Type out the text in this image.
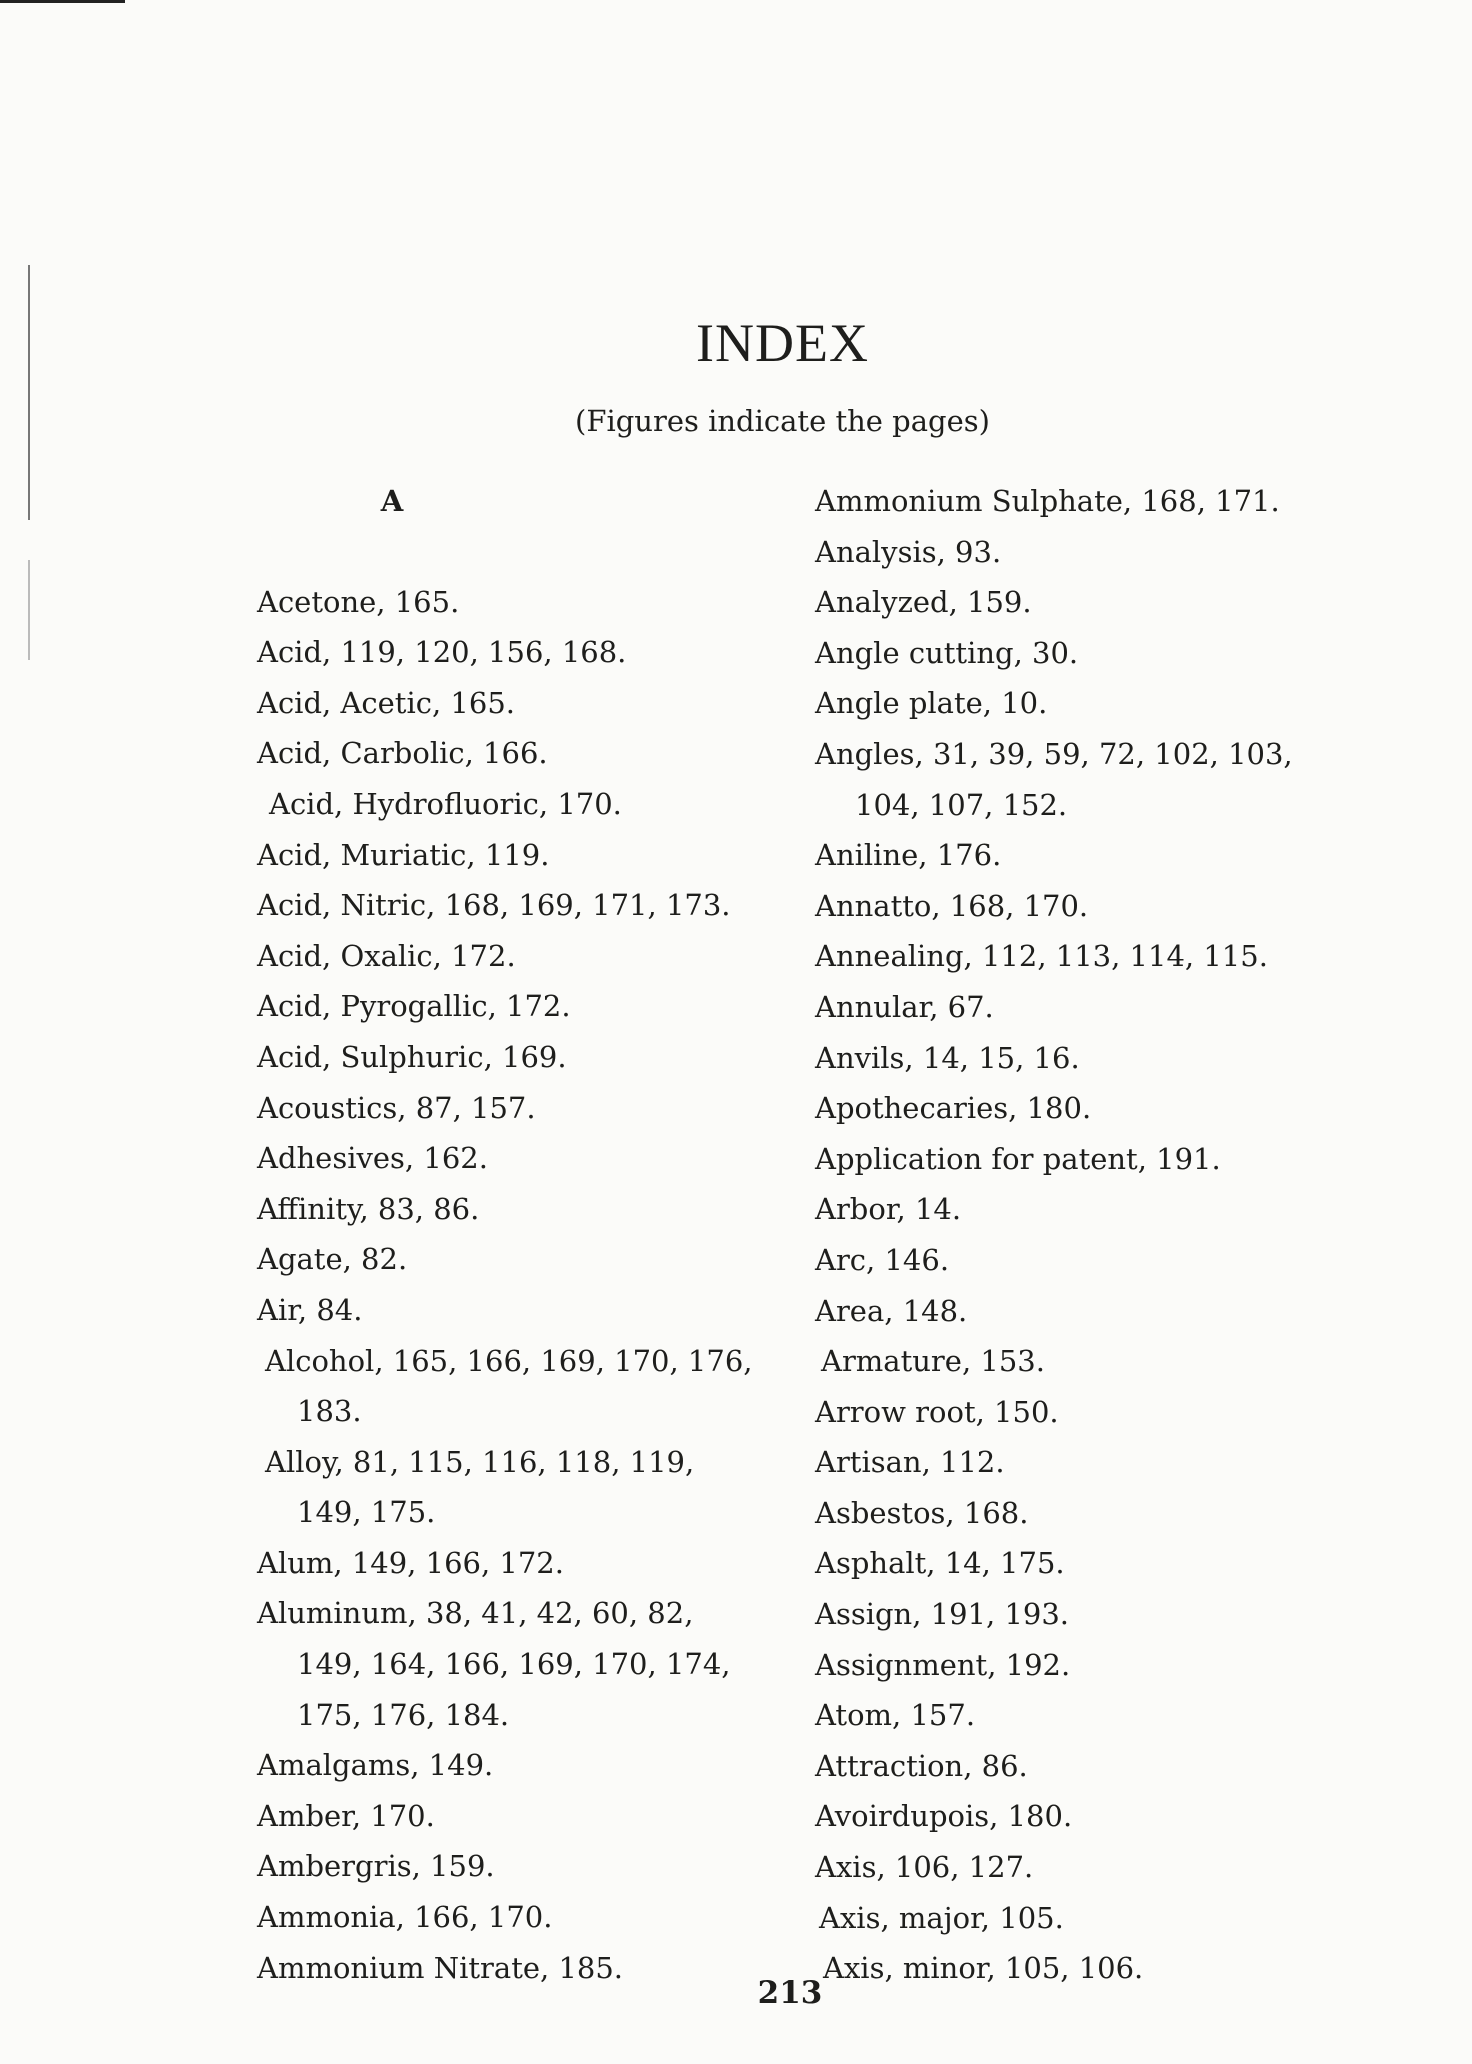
INDEX

(Figures indicate the pages)

A
Acetone, 165.
Acid, 119, 120, 156, 168.
Acid, Acetic, 165.
Acid, Carbolic, 166.
Acid, Hydrofluoric, 170.
Acid, Muriatic, 119.
Acid, Nitric, 168, 169, 171, 173.
Acid, Oxalic, 172.
Acid, Pyrogallic, 172.
Acid, Sulphuric, 169.
Acoustics, 87, 157.
Adhesives, 162.
Affinity, 83, 86.
Agate, 82.
Air, 84.
Alcohol, 165, 166, 169, 170, 176,
183.
Alloy, 81, 115, 116, 118, 119,
149, 175.
Alum, 149, 166, 172.
Aluminum, 38, 41, 42, 60, 82,
149, 164, 166, 169, 170, 174,
175, 176, 184.
Amalgams, 149.
Amber, 170.
Ambergris, 159.
Ammonia, 166, 170.
Ammonium Nitrate, 185.
Ammonium Sulphate, 168, 171.
Analysis, 93.
Analyzed, 159.
Angle cutting, 30.
Angle plate, 10.
Angles, 31, 39, 59, 72, 102, 103,
104, 107, 152.
Aniline, 176.
Annatto, 168, 170.
Annealing, 112, 113, 114, 115.
Annular, 67.
Anvils, 14, 15, 16.
Apothecaries, 180.
Application for patent, 191.
Arbor, 14.
Arc, 146.
Area, 148.
Armature, 153.
Arrow root, 150.
Artisan, 112.
Asbestos, 168.
Asphalt, 14, 175.
Assign, 191, 193.
Assignment, 192.
Atom, 157.
Attraction, 86.
Avoirdupois, 180.
Axis, 106, 127.
Axis, major, 105.
Axis, minor, 105, 106.

213
